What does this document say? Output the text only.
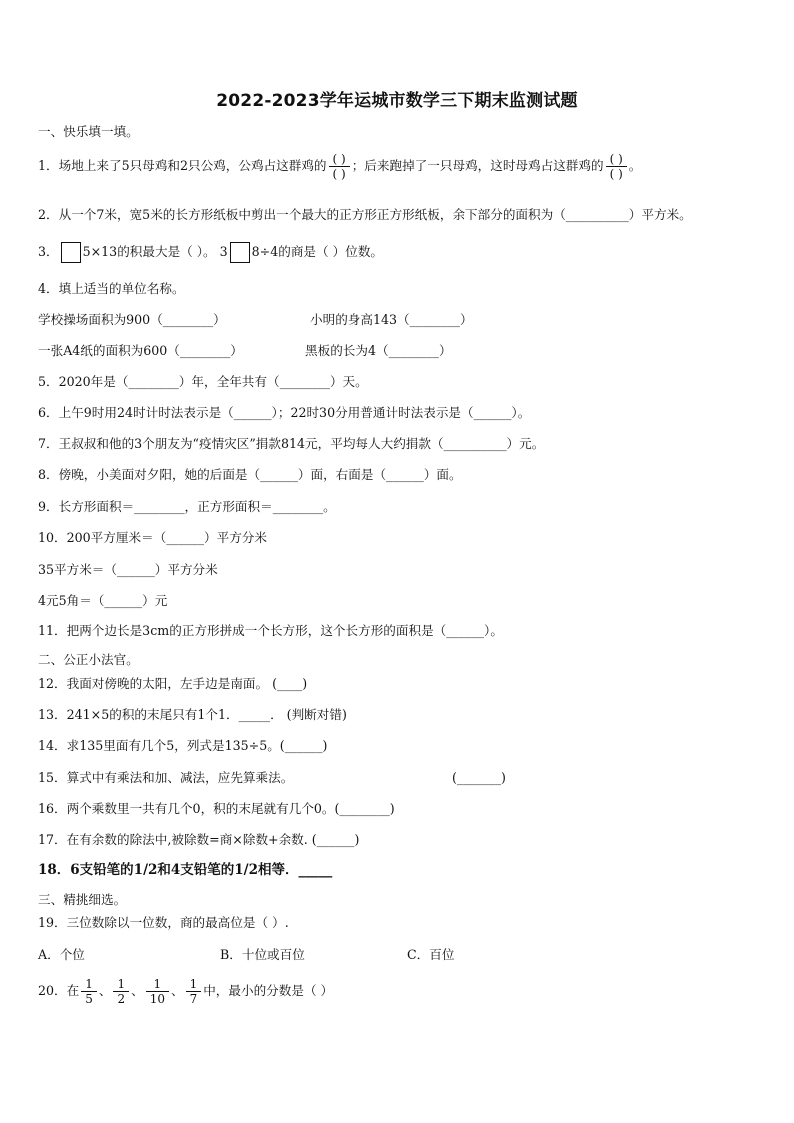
2022-2023学年运城市数学三下期末监测试题
一、快乐填一填。
1．场地上来了5只母鸡和2只公鸡，公鸡占这群鸡的 $\frac{( )}{( )}$ ；后来跑掉了一只母鸡，这时母鸡占这群鸡的 $\frac{( )}{( )}$ 。
2．从一个7米，宽5米的长方形纸板中剪出一个最大的正方形正方形纸板，余下部分的面积为（__________）平方米。
3． 5×13的积最大是（ ）。 3 8÷4的商是（ ）位数。
4．填上适当的单位名称。
学校操场面积为900（________）	小明的身高143（________）
一张A4纸的面积为600（________）	黑板的长为4（________）
5．2020年是（________）年，全年共有（________）天。
6．上午9时用24时计时法表示是（______）；22时30分用普通计时法表示是（______）。
7．王叔叔和他的3个朋友为“疫情灾区”捐款814元，平均每人大约捐款（__________）元。
8．傍晚，小美面对夕阳，她的后面是（______）面，右面是（______）面。
9．长方形面积＝________，正方形面积＝________。
10．200平方厘米＝（______）平方分米
35平方米＝（______）平方分米
4元5角＝（______）元
11．把两个边长是3cm的正方形拼成一个长方形，这个长方形的面积是（______）。
二、公正小法官。
12．我面对傍晚的太阳，左手边是南面。 (____)
13．241×5的积的末尾只有1个1．_____． (判断对错)
14．求135里面有几个5，列式是135÷5。(______)
15．算式中有乘法和加、减法，应先算乘法。	(_______)
16．两个乘数里一共有几个0，积的末尾就有几个0。(________)
17．在有余数的除法中,被除数=商×除数+余数. (______)
18．6支铅笔的1/2和4支铅笔的1/2相等．_____
三、精挑细选。
19．三位数除以一位数，商的最高位是（ ）.
A．个位	B．十位或百位	C．百位
20．在 $\frac{1}{5}$ 、 $\frac{1}{2}$ 、 $\frac{1}{10}$ 、 $\frac{1}{7}$ 中，最小的分数是（ ）
